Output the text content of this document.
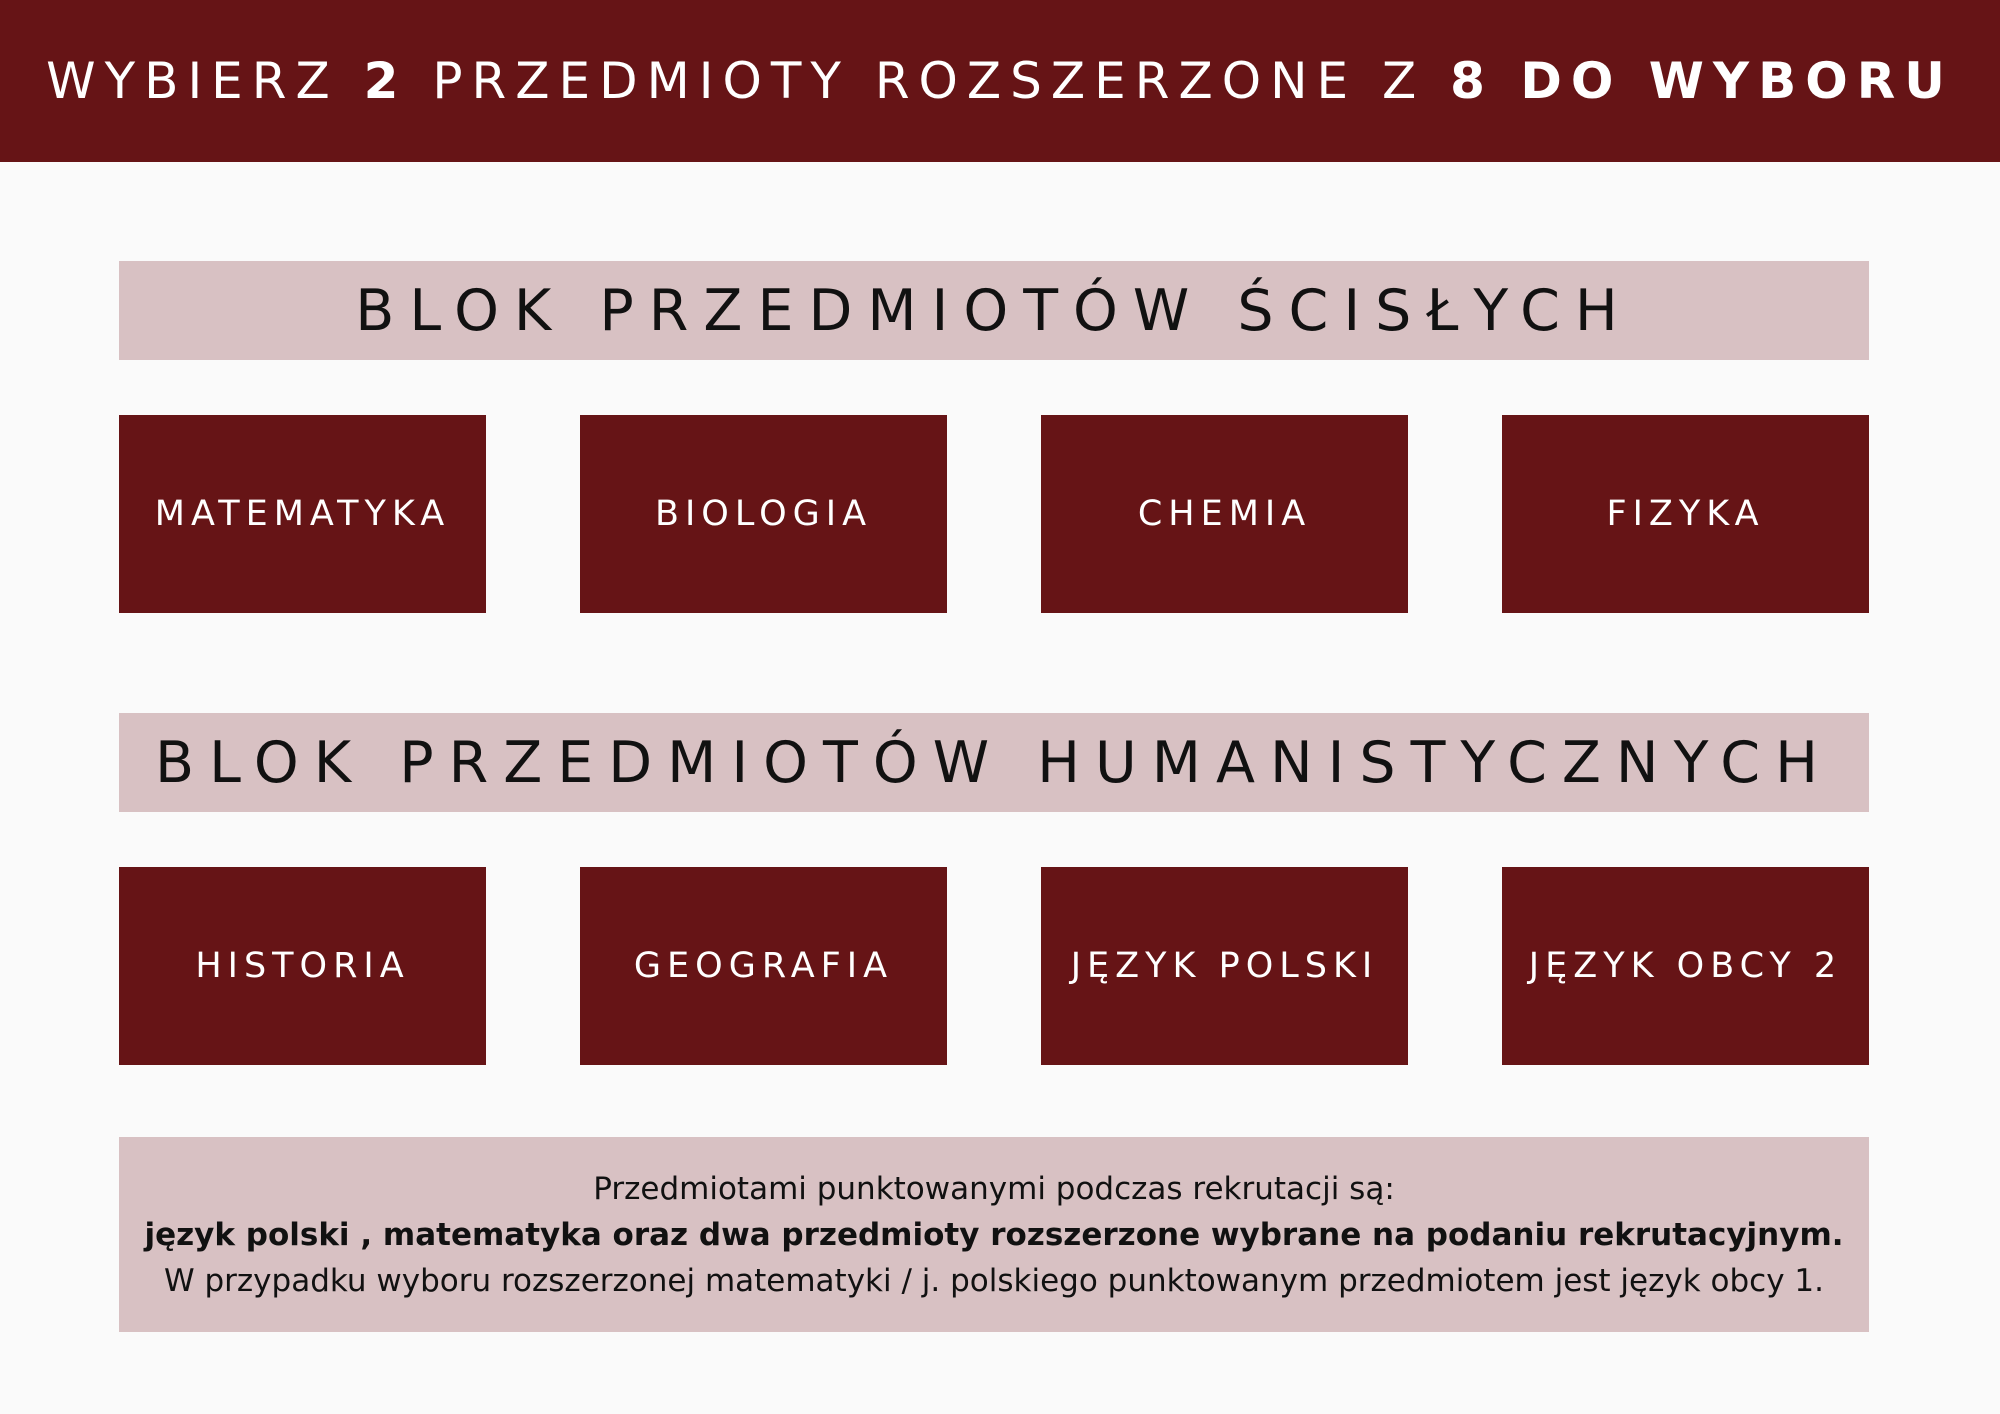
WYBIERZ 2 PRZEDMIOTY ROZSZERZONE Z 8 DO WYBORU
BLOK PRZEDMIOTÓW ŚCISŁYCH
MATEMATYKA	BIOLOGIA	CHEMIA	FIZYKA
BLOK PRZEDMIOTÓW HUMANISTYCZNYCH
HISTORIA	GEOGRAFIA	JĘZYK POLSKI	JĘZYK OBCY 2
Przedmiotami punktowanymi podczas rekrutacji są:
język polski , matematyka oraz dwa przedmioty rozszerzone wybrane na podaniu rekrutacyjnym.
W przypadku wyboru rozszerzonej matematyki / j. polskiego punktowanym przedmiotem jest język obcy 1.
